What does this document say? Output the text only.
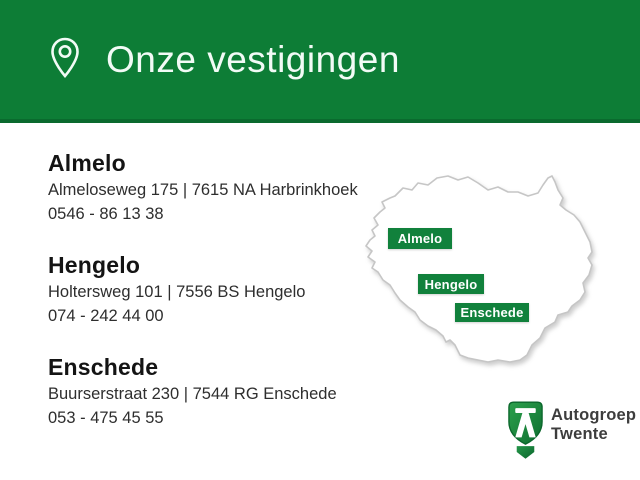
Onze vestigingen
Almelo

Almeloseweg 175 | 7615 NA Harbrinkhoek

0546 - 86 13 38

Hengelo

Holtersweg 101 | 7556 BS Hengelo

074 - 242 44 00

Enschede

Buurserstraat 230 | 7544 RG Enschede

053 - 475 45 55

Almelo
Hengelo
Enschede
Autogroep
Twente
